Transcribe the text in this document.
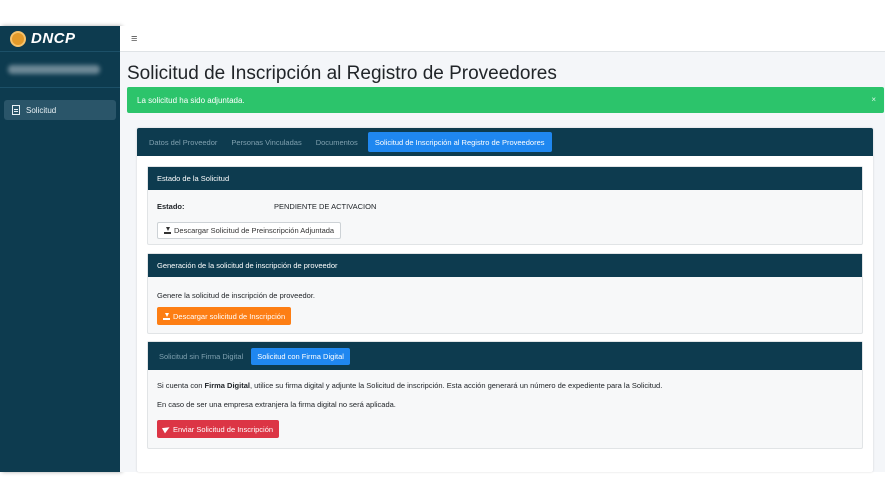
DNCP
Solicitud
≡
Solicitud de Inscripción al Registro de Proveedores
La solicitud ha sido adjuntada.	×
Datos del Proveedor	Personas Vinculadas	Documentos	Solicitud de Inscripción al Registro de Proveedores
Estado de la Solicitud
Estado:	PENDIENTE DE ACTIVACION
Descargar Solicitud de Preinscripción Adjuntada
Generación de la solicitud de inscripción de proveedor
Genere la solicitud de inscripción de proveedor.
Descargar solicitud de Inscripción
Solicitud sin Firma Digital	Solicitud con Firma Digital
Si cuenta con Firma Digital, utilice su firma digital y adjunte la Solicitud de inscripción. Esta acción generará un número de expediente para la Solicitud.
En caso de ser una empresa extranjera la firma digital no será aplicada.
Enviar Solicitud de Inscripción
